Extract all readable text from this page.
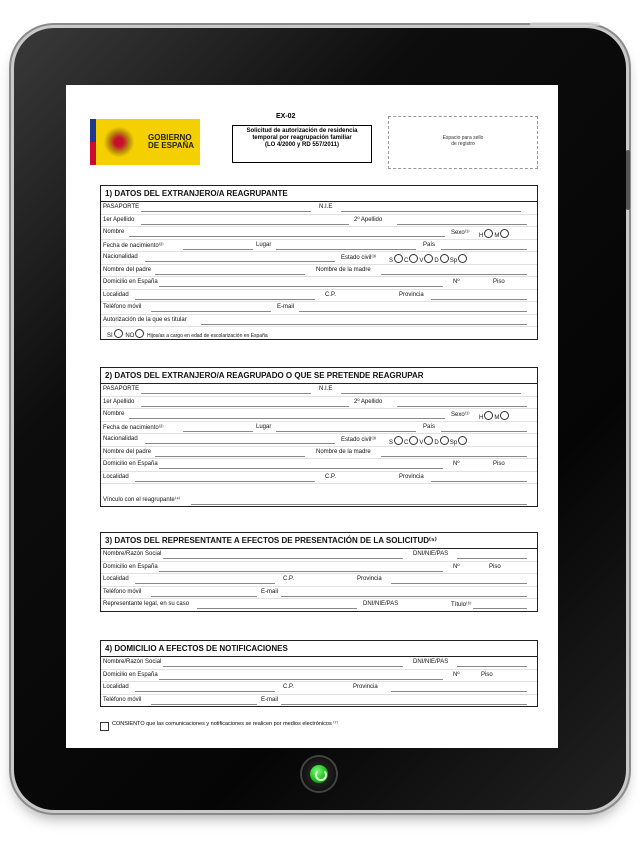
GOBIERNO
DE ESPAÑA
EX-02
Solicitud de autorización de residencia
temporal por reagrupación familiar
(LO 4/2000 y RD 557/2011)
Espacio para sello
de registro
1) DATOS DEL EXTRANJERO/A REAGRUPANTE
PASAPORTE	N.I.E
1er Apellido	2º Apellido
Nombre	Sexo⁽¹⁾ H M
Fecha de nacimiento⁽²⁾	Lugar	País
Nacionalidad	Estado civil⁽³⁾ S C V D Sp
Nombre del padre	Nombre de la madre
Domicilio en España	Nº	Piso
Localidad	C.P.	Provincia
Teléfono móvil	E-mail
Autorización de la que es titular
SI NO	Hijos/as a cargo en edad de escolarización en España
2) DATOS DEL EXTRANJERO/A REAGRUPADO O QUE SE PRETENDE REAGRUPAR
PASAPORTE	N.I.E
1er Apellido	2º Apellido
Nombre	Sexo⁽¹⁾ H M
Fecha de nacimiento⁽²⁾	Lugar	País
Nacionalidad	Estado civil⁽³⁾ S C V D Sp
Nombre del padre	Nombre de la madre
Domicilio en España	Nº	Piso
Localidad	C.P.	Provincia
Vínculo con el reagrupante⁽⁴⁾
3) DATOS DEL REPRESENTANTE A EFECTOS DE PRESENTACIÓN DE LA SOLICITUD⁽⁵⁾
Nombre/Razón Social	DNI/NIE/PAS
Domicilio en España	Nº	Piso
Localidad	C.P.	Provincia
Teléfono móvil	E-mail
Representante legal, en su caso	DNI/NIE/PAS	Título⁽⁶⁾
4) DOMICILIO A EFECTOS DE NOTIFICACIONES
Nombre/Razón Social	DNI/NIE/PAS
Domicilio en España	Nº	Piso
Localidad	C.P.	Provincia
Teléfono móvil	E-mail
CONSIENTO que las comunicaciones y notificaciones se realicen por medios electrónicos ⁽⁷⁾
